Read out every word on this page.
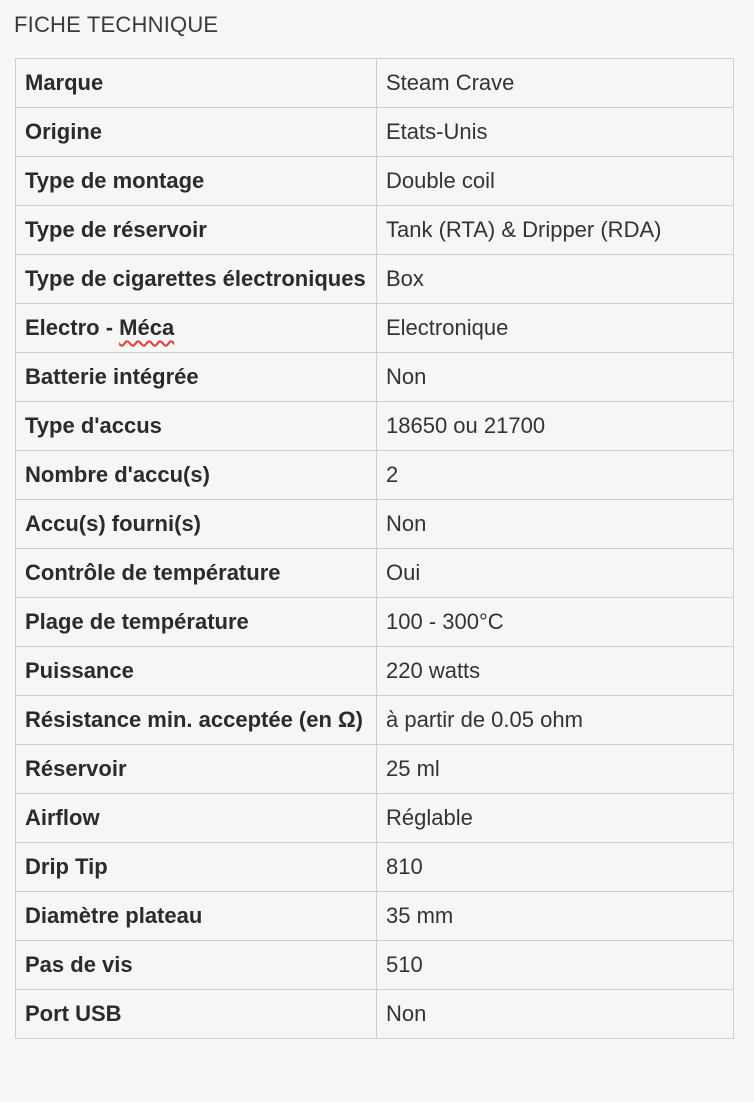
FICHE TECHNIQUE
Marque	Steam Crave
Origine	Etats-Unis
Type de montage	Double coil
Type de réservoir	Tank (RTA) & Dripper (RDA)
Type de cigarettes électroniques	Box
Electro - Méca	Electronique
Batterie intégrée	Non
Type d'accus	18650 ou 21700
Nombre d'accu(s)	2
Accu(s) fourni(s)	Non
Contrôle de température	Oui
Plage de température	100 - 300°C
Puissance	220 watts
Résistance min. acceptée (en Ω)	à partir de 0.05 ohm
Réservoir	25 ml
Airflow	Réglable
Drip Tip	810
Diamètre plateau	35 mm
Pas de vis	510
Port USB	Non
